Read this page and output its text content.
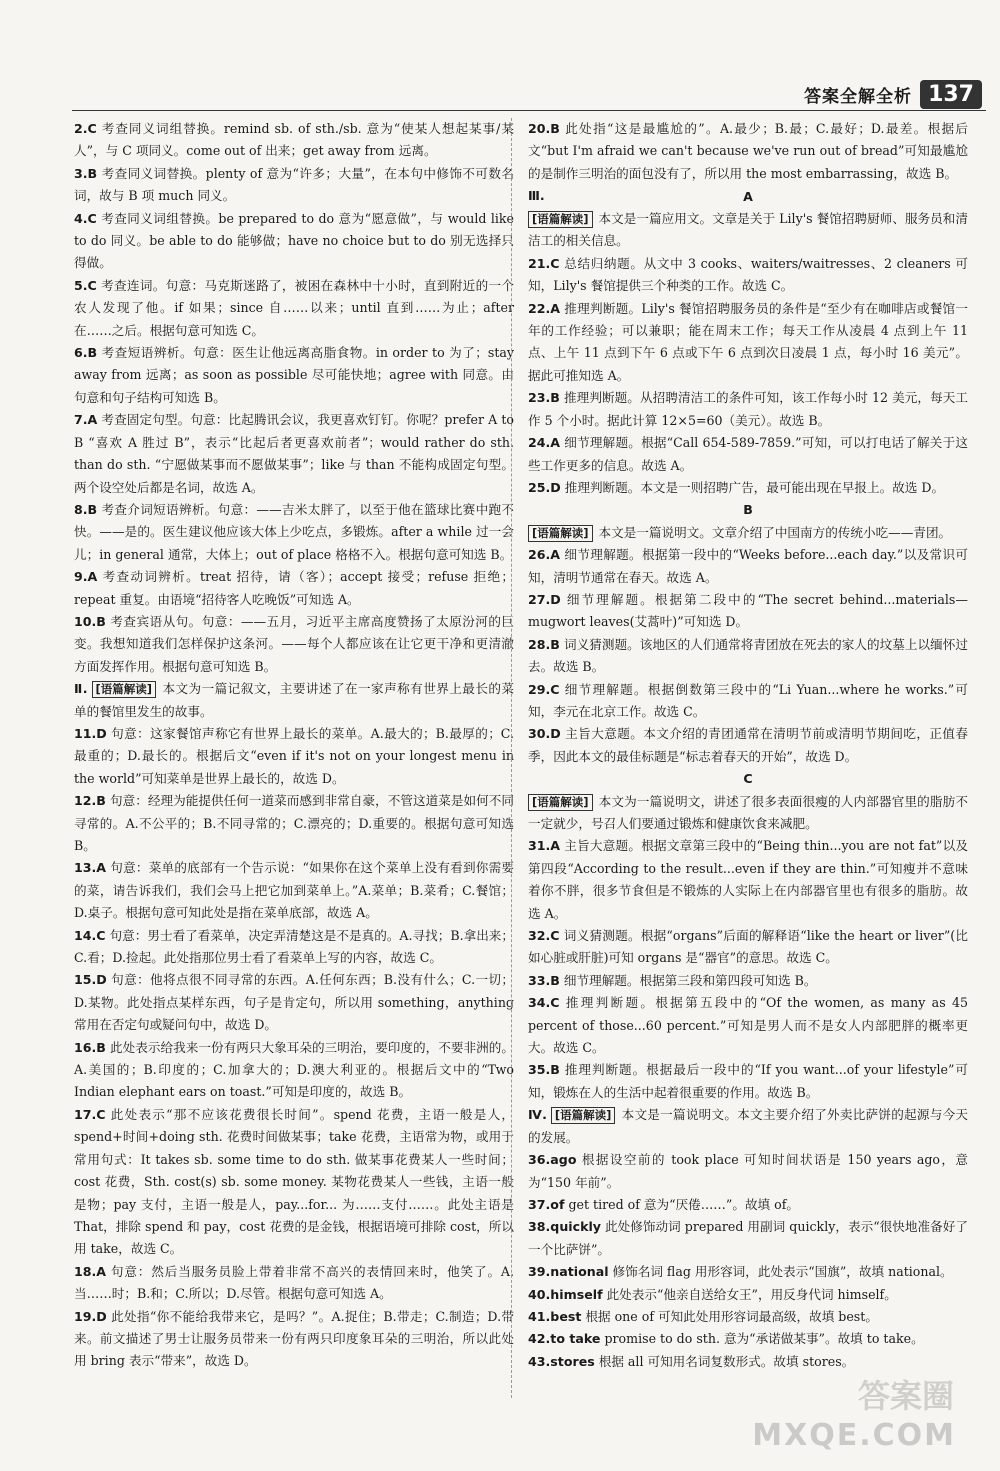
答案全解全析 137

2.C 考查同义词组替换。remind sb. of sth./sb. 意为“使某人想起某事/某人”，与 C 项同义。come out of 出来；get away from 远离。

3.B 考查同义词替换。plenty of 意为“许多；大量”，在本句中修饰不可数名词，故与 B 项 much 同义。

4.C 考查同义词组替换。be prepared to do 意为“愿意做”，与 would like to do 同义。be able to do 能够做；have no choice but to do 别无选择只得做。

5.C 考查连词。句意：马克斯迷路了，被困在森林中十小时，直到附近的一个农人发现了他。if 如果；since 自……以来；until 直到……为止；after 在……之后。根据句意可知选 C。

6.B 考查短语辨析。句意：医生让他远离高脂食物。in order to 为了；stay away from 远离；as soon as possible 尽可能快地；agree with 同意。由句意和句子结构可知选 B。

7.A 考查固定句型。句意：比起腾讯会议，我更喜欢钉钉。你呢？prefer A to B “喜欢 A 胜过 B”，表示“比起后者更喜欢前者”；would rather do sth. than do sth. “宁愿做某事而不愿做某事”；like 与 than 不能构成固定句型。两个设空处后都是名词，故选 A。

8.B 考查介词短语辨析。句意：——吉米太胖了，以至于他在篮球比赛中跑不快。——是的。医生建议他应该大体上少吃点，多锻炼。after a while 过一会儿；in general 通常，大体上；out of place 格格不入。根据句意可知选 B。

9.A 考查动词辨析。treat 招待，请（客）；accept 接受；refuse 拒绝；repeat 重复。由语境“招待客人吃晚饭”可知选 A。

10.B 考查宾语从句。句意：——五月，习近平主席高度赞扬了太原汾河的巨变。我想知道我们怎样保护这条河。——每个人都应该在让它更干净和更清澈方面发挥作用。根据句意可知选 B。

Ⅱ. [语篇解读] 本文为一篇记叙文，主要讲述了在一家声称有世界上最长的菜单的餐馆里发生的故事。

11.D 句意：这家餐馆声称它有世界上最长的菜单。A.最大的；B.最厚的；C.最重的；D.最长的。根据后文“even if it's not on your longest menu in the world”可知菜单是世界上最长的，故选 D。

12.B 句意：经理为能提供任何一道菜而感到非常自豪，不管这道菜是如何不同寻常的。A.不公平的；B.不同寻常的；C.漂亮的；D.重要的。根据句意可知选 B。

13.A 句意：菜单的底部有一个告示说：“如果你在这个菜单上没有看到你需要的菜，请告诉我们，我们会马上把它加到菜单上。”A.菜单；B.菜肴；C.餐馆；D.桌子。根据句意可知此处是指在菜单底部，故选 A。

14.C 句意：男士看了看菜单，决定弄清楚这是不是真的。A.寻找；B.拿出来；C.看；D.捡起。此处指那位男士看了看菜单上写的内容，故选 C。

15.D 句意：他将点很不同寻常的东西。A.任何东西；B.没有什么；C.一切；D.某物。此处指点某样东西，句子是肯定句，所以用 something，anything 常用在否定句或疑问句中，故选 D。

16.B 此处表示给我来一份有两只大象耳朵的三明治，要印度的，不要非洲的。A.美国的；B.印度的；C.加拿大的；D.澳大利亚的。根据后文中的“Two Indian elephant ears on toast.”可知是印度的，故选 B。

17.C 此处表示“那不应该花费很长时间”。spend 花费，主语一般是人，spend+时间+doing sth. 花费时间做某事；take 花费，主语常为物，或用于常用句式：It takes sb. some time to do sth. 做某事花费某人一些时间；cost 花费，Sth. cost(s) sb. some money. 某物花费某人一些钱，主语一般是物；pay 支付，主语一般是人，pay...for... 为……支付……。此处主语是 That，排除 spend 和 pay，cost 花费的是金钱，根据语境可排除 cost，所以用 take，故选 C。

18.A 句意：然后当服务员脸上带着非常不高兴的表情回来时，他笑了。A.当……时；B.和；C.所以；D.尽管。根据句意可知选 A。

19.D 此处指“你不能给我带来它，是吗？”。A.捉住；B.带走；C.制造；D.带来。前文描述了男士让服务员带来一份有两只印度象耳朵的三明治，所以此处用 bring 表示“带来”，故选 D。

20.B 此处指“这是最尴尬的”。A.最少；B.最；C.最好；D.最差。根据后文“but I'm afraid we can't because we've run out of bread”可知最尴尬的是制作三明治的面包没有了，所以用 the most embarrassing，故选 B。

Ⅲ.	A

[语篇解读] 本文是一篇应用文。文章是关于 Lily's 餐馆招聘厨师、服务员和清洁工的相关信息。

21.C 总结归纳题。从文中 3 cooks、waiters/waitresses、2 cleaners 可知，Lily's 餐馆提供三个种类的工作。故选 C。

22.A 推理判断题。Lily's 餐馆招聘服务员的条件是“至少有在咖啡店或餐馆一年的工作经验；可以兼职；能在周末工作；每天工作从凌晨 4 点到上午 11 点、上午 11 点到下午 6 点或下午 6 点到次日凌晨 1 点，每小时 16 美元”。据此可推知选 A。

23.B 推理判断题。从招聘清洁工的条件可知，该工作每小时 12 美元，每天工作 5 个小时。据此计算 12×5=60（美元）。故选 B。

24.A 细节理解题。根据“Call 654-589-7859.”可知，可以打电话了解关于这些工作更多的信息。故选 A。

25.D 推理判断题。本文是一则招聘广告，最可能出现在早报上。故选 D。

B

[语篇解读] 本文是一篇说明文。文章介绍了中国南方的传统小吃——青团。

26.A 细节理解题。根据第一段中的“Weeks before...each day.”以及常识可知，清明节通常在春天。故选 A。

27.D 细节理解题。根据第二段中的“The secret behind...materials—mugwort leaves(艾蒿叶)”可知选 D。

28.B 词义猜测题。该地区的人们通常将青团放在死去的家人的坟墓上以缅怀过去。故选 B。

29.C 细节理解题。根据倒数第三段中的“Li Yuan...where he works.”可知，李元在北京工作。故选 C。

30.D 主旨大意题。本文介绍的青团通常在清明节前或清明节期间吃，正值春季，因此本文的最佳标题是“标志着春天的开始”，故选 D。

C

[语篇解读] 本文为一篇说明文，讲述了很多表面很瘦的人内部器官里的脂肪不一定就少，号召人们要通过锻炼和健康饮食来减肥。

31.A 主旨大意题。根据文章第三段中的“Being thin...you are not fat”以及第四段“According to the result...even if they are thin.”可知瘦并不意味着你不胖，很多节食但是不锻炼的人实际上在内部器官里也有很多的脂肪。故选 A。

32.C 词义猜测题。根据“organs”后面的解释语“like the heart or liver”(比如心脏或肝脏)可知 organs 是“器官”的意思。故选 C。

33.B 细节理解题。根据第三段和第四段可知选 B。

34.C 推理判断题。根据第五段中的“Of the women, as many as 45 percent of those...60 percent.”可知是男人而不是女人内部肥胖的概率更大。故选 C。

35.B 推理判断题。根据最后一段中的“If you want...of your lifestyle”可知，锻炼在人的生活中起着很重要的作用。故选 B。

Ⅳ. [语篇解读] 本文是一篇说明文。本文主要介绍了外卖比萨饼的起源与今天的发展。

36.ago 根据设空前的 took place 可知时间状语是 150 years ago，意为“150 年前”。

37.of get tired of 意为“厌倦……”。故填 of。

38.quickly 此处修饰动词 prepared 用副词 quickly，表示“很快地准备好了一个比萨饼”。

39.national 修饰名词 flag 用形容词，此处表示“国旗”，故填 national。

40.himself 此处表示“他亲自送给女王”，用反身代词 himself。

41.best 根据 one of 可知此处用形容词最高级，故填 best。

42.to take promise to do sth. 意为“承诺做某事”。故填 to take。

43.stores 根据 all 可知用名词复数形式。故填 stores。

答案圈
MXQE.COM
